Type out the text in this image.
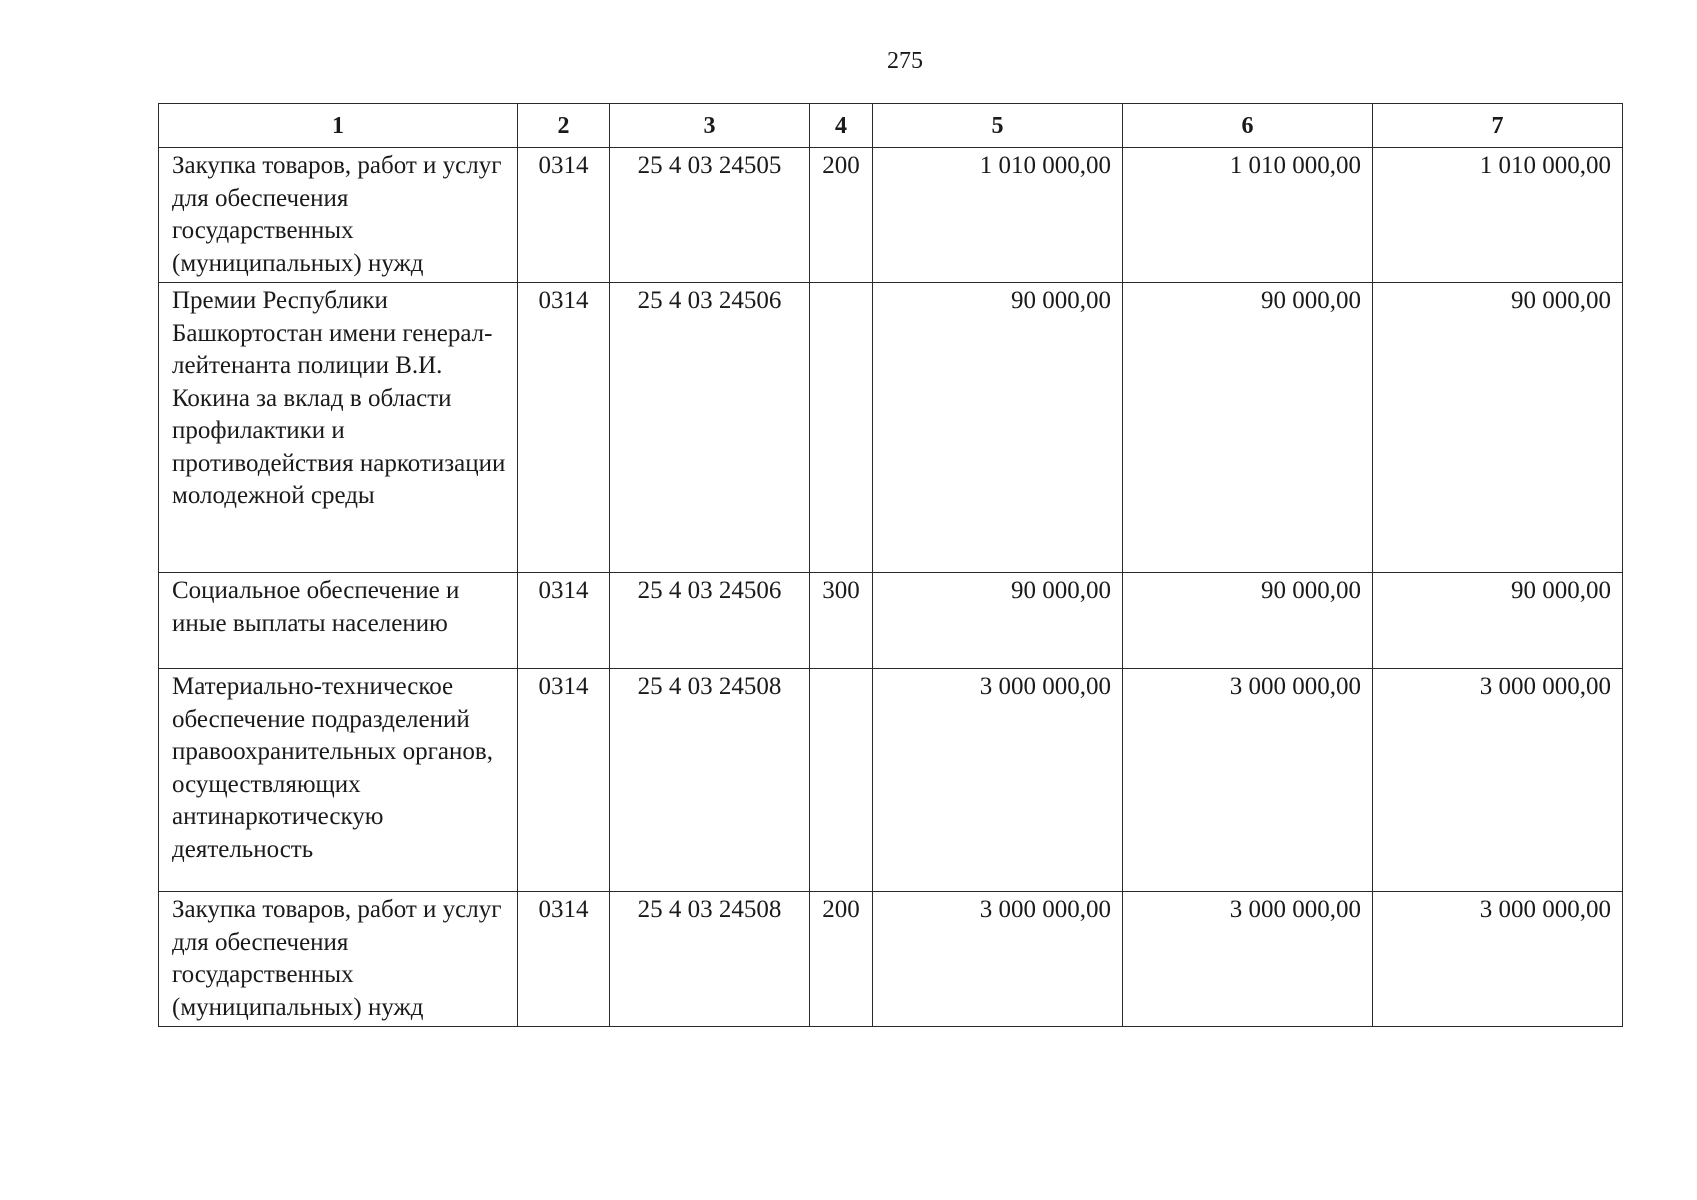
275
1	2	3	4	5	6	7
Закупка товаров, работ и услуг для обеспечения государственных (муниципальных) нужд	0314	25 4 03 24505	200	1 010 000,00	1 010 000,00	1 010 000,00
Премии Республики Башкортостан имени генерал-лейтенанта полиции В.И. Кокина за вклад в области профилактики и противодействия наркотизации молодежной среды	0314	25 4 03 24506		90 000,00	90 000,00	90 000,00
Социальное обеспечение и иные выплаты населению	0314	25 4 03 24506	300	90 000,00	90 000,00	90 000,00
Материально-техническое обеспечение подразделений правоохранительных органов, осуществляющих антинаркотическую деятельность	0314	25 4 03 24508		3 000 000,00	3 000 000,00	3 000 000,00
Закупка товаров, работ и услуг для обеспечения государственных (муниципальных) нужд	0314	25 4 03 24508	200	3 000 000,00	3 000 000,00	3 000 000,00
